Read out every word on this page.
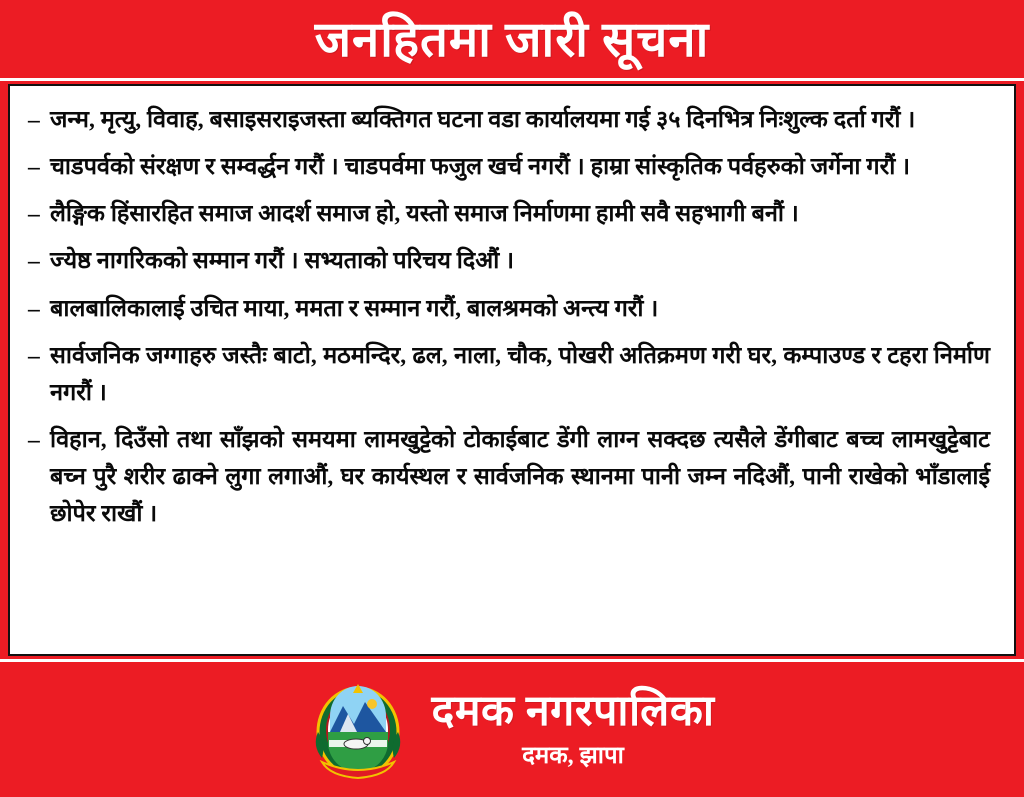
जनहितमा जारी सूचना
– जन्म, मृत्यु, विवाह, बसाइसराइजस्ता ब्यक्तिगत घटना वडा कार्यालयमा गई ३५ दिनभित्र निःशुल्क दर्ता गरौं ।
– चाडपर्वको संरक्षण र सम्वर्द्धन गरौं । चाडपर्वमा फजुल खर्च नगरौं । हाम्रा सांस्कृतिक पर्वहरुको जर्गेना गरौं ।
– लैङ्गिक हिंसारहित समाज आदर्श समाज हो, यस्तो समाज निर्माणमा हामी सवै सहभागी बनौं ।
– ज्येष्ठ नागरिकको सम्मान गरौं । सभ्यताको परिचय दिऔं ।
– बालबालिकालाई उचित माया, ममता र सम्मान गरौं, बालश्रमको अन्त्य गरौं ।
– सार्वजनिक जग्गाहरु जस्तैः बाटो, मठमन्दिर, ढल, नाला, चौक, पोखरी अतिक्रमण गरी घर, कम्पाउण्ड र टहरा निर्माण नगरौं ।
– विहान, दिउँसो तथा साँझको समयमा लामखुट्टेको टोकाईबाट डेंगी लाग्न सक्दछ त्यसैले डेंगीबाट बच्च लामखुट्टेबाट बच्न पुरै शरीर ढाक्ने लुगा लगाऔं, घर कार्यस्थल र सार्वजनिक स्थानमा पानी जम्न नदिऔं, पानी राखेको भाँडालाई छोपेर राखौं ।
दमक नगरपालिका
दमक, झापा
